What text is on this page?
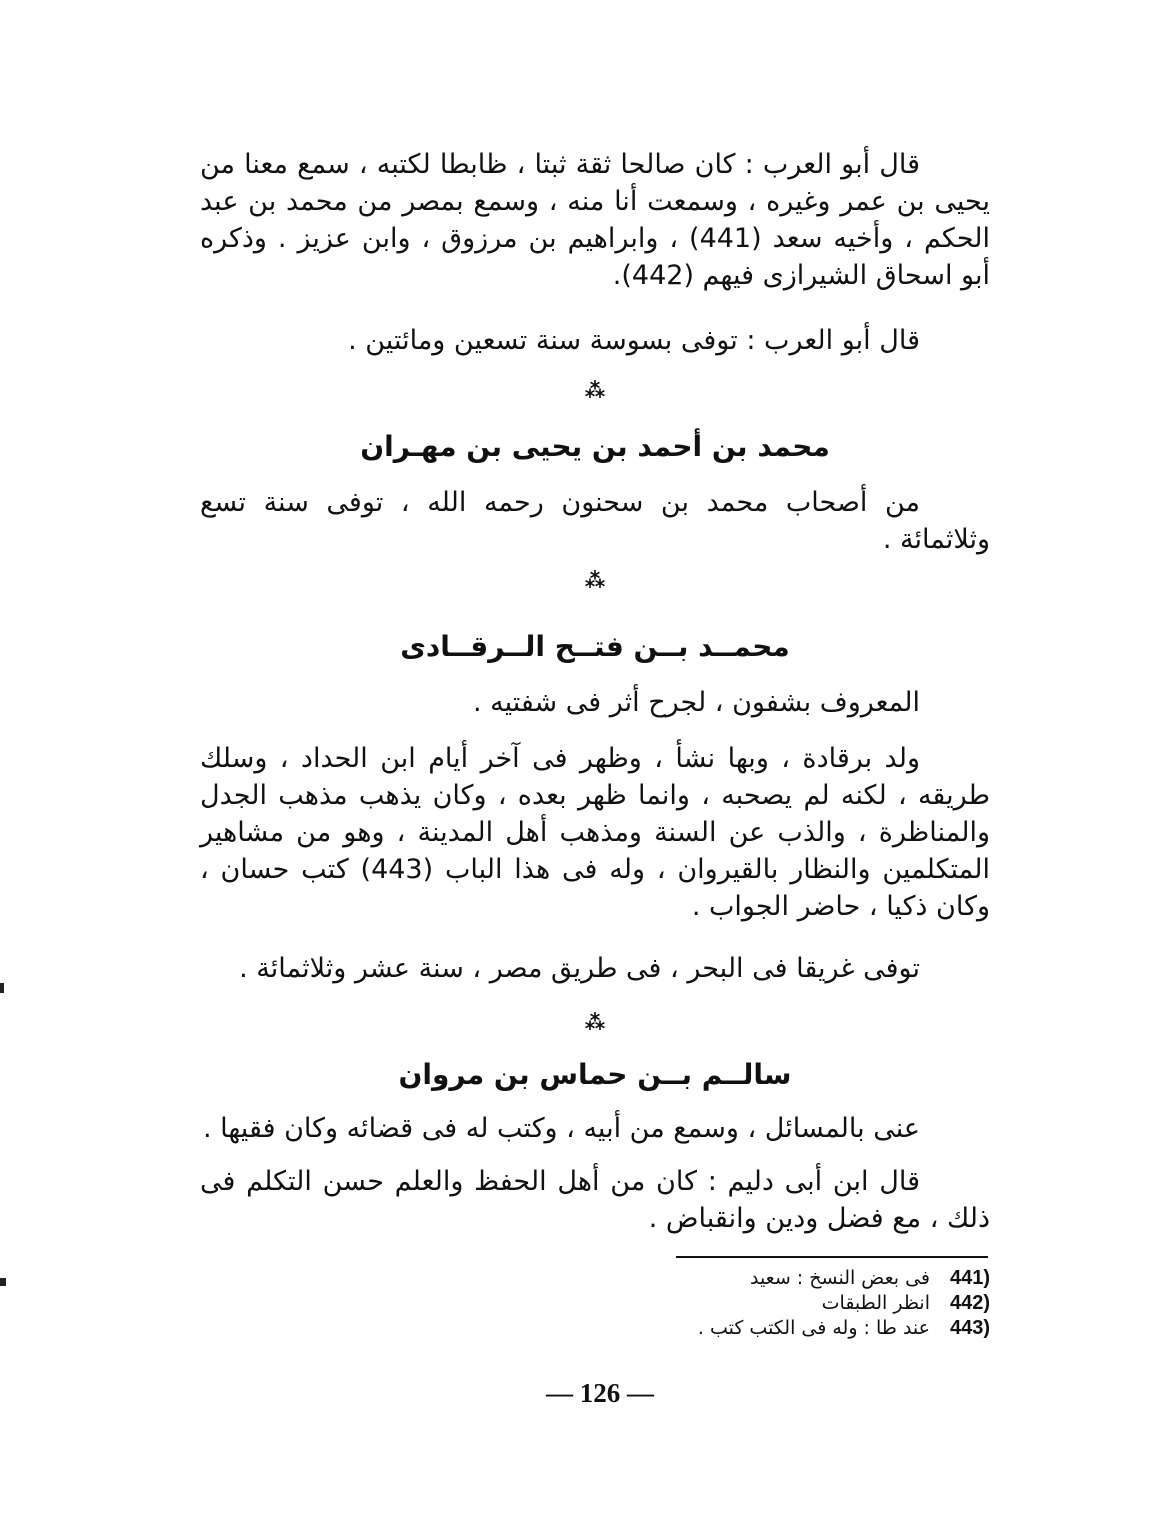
قال أبو العرب : كان صالحا ثقة ثبتا ، ظابطا لكتبه ، سمع معنا من يحيى بن عمر وغيره ، وسمعت أنا منه ، وسمع بمصر من محمد بن عبد الحكم ، وأخيه سعد (441) ، وابراهيم بن مرزوق ، وابن عزيز . وذكره أبو اسحاق الشيرازى فيهم (442).

قال أبو العرب : توفى بسوسة سنة تسعين ومائتين .

⁂
محمد بن أحمد بن يحيى بن مهـران

من أصحاب محمد بن سحنون رحمه الله ، توفى سنة تسع وثلاثمائة .

⁂
محمــد بــن فتــح الــرقــادى

المعروف بشفون ، لجرح أثر فى شفتيه .

ولد برقادة ، وبها نشأ ، وظهر فى آخر أيام ابن الحداد ، وسلك طريقه ، لكنه لم يصحبه ، وانما ظهر بعده ، وكان يذهب مذهب الجدل والمناظرة ، والذب عن السنة ومذهب أهل المدينة ، وهو من مشاهير المتكلمين والنظار بالقيروان ، وله فى هذا الباب (443) كتب حسان ، وكان ذكيا ، حاضر الجواب .

توفى غريقا فى البحر ، فى طريق مصر ، سنة عشر وثلاثمائة .

⁂
سالــم بــن حماس بن مروان

عنى بالمسائل ، وسمع من أبيه ، وكتب له فى قضائه وكان فقيها .

قال ابن أبى دليم : كان من أهل الحفظ والعلم حسن التكلم فى ذلك ، مع فضل ودين وانقباض .

441)
فى بعض النسخ : سعيد
442)
انظر الطبقات
443)
عند طا : وله فى الكتب كتب .
— 126 —
